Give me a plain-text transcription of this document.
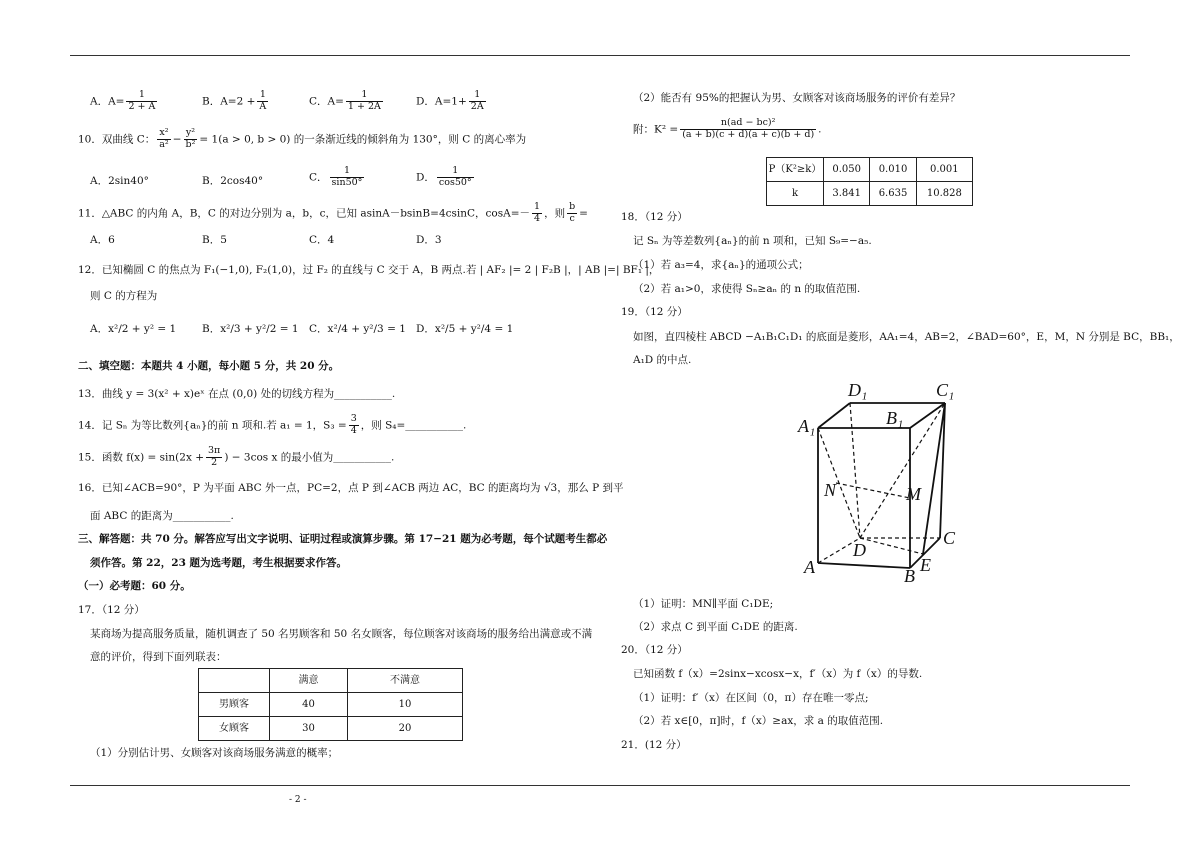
A．$A= \frac{1}{2 + A}$	B．$A=2 + \frac{1}{A}$	C．$A= \frac{1}{1 + 2A}$	D．$A=1+ \frac{1}{2A}$
10．双曲线 C： $\frac{\text{x²}}{\text{a²}} - \frac{\text{y²}}{\text{b²}} = 1(a > 0$, b > 0) 的一条渐近线的倾斜角为 130°，则 C 的离心率为
A．2sin40°	B．2cos40°	C． $\frac{1}{\sin 50^\circ}$	D． $\frac{1}{\cos 50^\circ}$
11．△ABC 的内角 A，B，C 的对边分别为 a，b，c，已知 asinA－bsinB=4csinC，$\cos A=- \frac{1}{4}$ ，则 $\frac{b}{c}$ =
A．6	B．5	C．4	D．3
12．已知椭圆 C 的焦点为 F₁(−1,0), F₂(1,0)，过 F₂ 的直线与 C 交于 A，B 两点.若 | AF₂ |= 2 | F₂B |，| AB |=| BF₁ |，
则 C 的方程为
A．x²/2 + y² = 1 B．x²/3 + y²/2 = 1 C．x²/4 + y²/3 = 1 D．x²/5 + y²/4 = 1
二、填空题：本题共 4 小题，每小题 5 分，共 20 分。
13．曲线 y = 3(x² + x)eˣ 在点 (0,0) 处的切线方程为___________.
14．记 Sₙ 为等比数列{aₙ}的前 n 项和.若 a₁ = 1，$S_3 = \frac{3}{4}$ ，则 S₄=___________.
15．函数 $f(x) = \sin(2x + \frac{3\pi}{2}$ ) − 3cos x 的最小值为___________.
16．已知∠ACB=90°，P 为平面 ABC 外一点，PC=2，点 P 到∠ACB 两边 AC，BC 的距离均为 √3，那么 P 到平
面 ABC 的距离为___________.
三、解答题：共 70 分。解答应写出文字说明、证明过程或演算步骤。第 17−21 题为必考题，每个试题考生都必
须作答。第 22，23 题为选考题，考生根据要求作答。
（一）必考题：60 分。
17．（12 分）
某商场为提高服务质量，随机调查了 50 名男顾客和 50 名女顾客，每位顾客对该商场的服务给出满意或不满
意的评价，得到下面列联表：
	满意	不满意
男顾客	40	10
女顾客	30	20
（1）分别估计男、女顾客对该商场服务满意的概率；
- 2 -
（2）能否有 95%的把握认为男、女顾客对该商场服务的评价有差异？
附：$K^2 = \frac{\text{n(ad − bc)²}}{(a + b)(c + d)(a + c)(b + d)}$ .
P（K²≥k）	0.050	0.010	0.001
k	3.841	6.635	10.828
18．（12 分）
记 Sₙ 为等差数列{aₙ}的前 n 项和，已知 S₉=−a₅.
（1）若 a₃=4，求{aₙ}的通项公式；
（2）若 a₁>0，求使得 Sₙ≥aₙ 的 n 的取值范围.
19．（12 分）
如图，直四棱柱 ABCD −A₁B₁C₁D₁ 的底面是菱形，AA₁=4，AB=2，∠BAD=60°，E，M，N 分别是 BC，BB₁，
A₁D 的中点.
D₁	C₁
A₁	B₁
N	M
D
C
A	B
E
（1）证明：MN∥平面 C₁DE;
（2）求点 C 到平面 C₁DE 的距离.
20．（12 分）
已知函数 f（x）=2sinx−xcosx−x，f′（x）为 f（x）的导数.
（1）证明：f′（x）在区间（0，π）存在唯一零点;
（2）若 x∈[0，π]时，f（x）≥ax，求 a 的取值范围.
21．(12 分）
